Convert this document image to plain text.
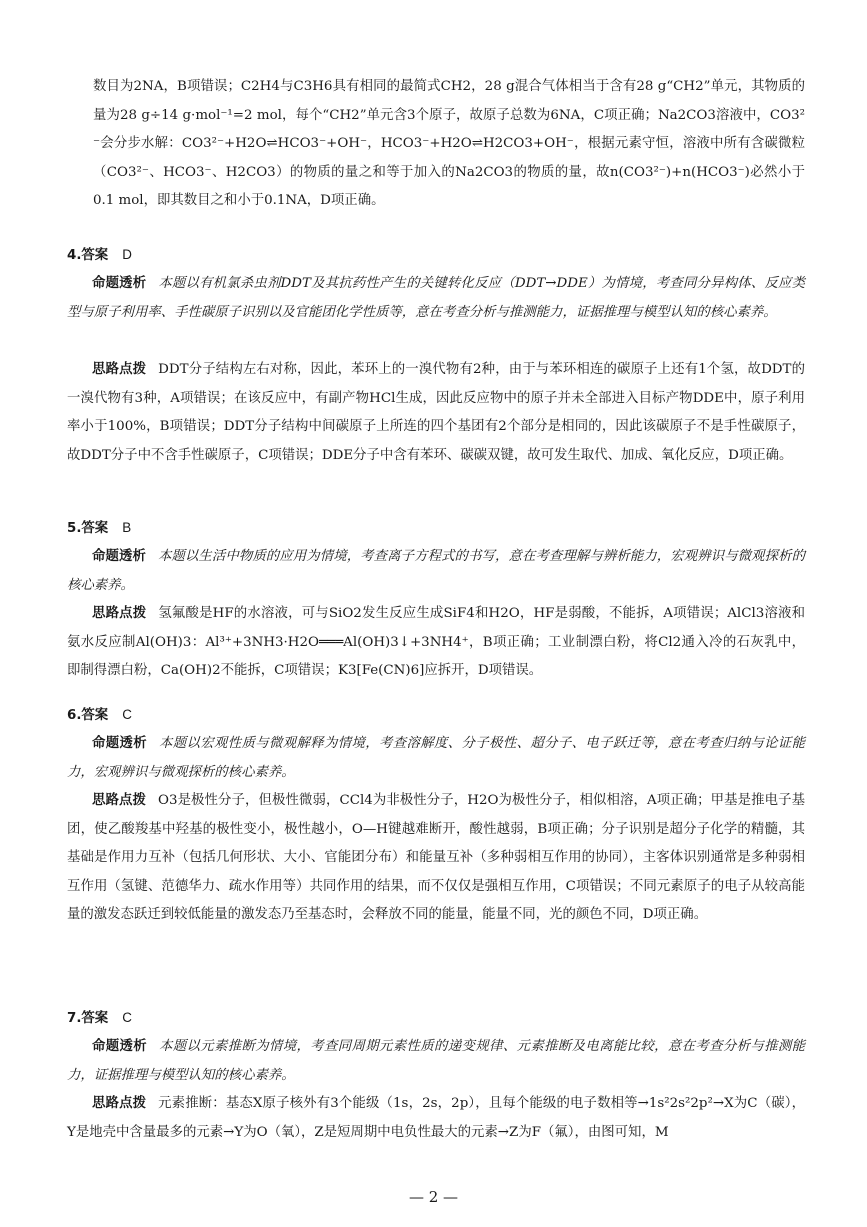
数目为2NA，B项错误；C2H4与C3H6具有相同的最简式CH2，28 g混合气体相当于含有28 g“CH2”单元，其物质的量为28 g÷14 g·mol⁻¹=2 mol，每个“CH2”单元含3个原子，故原子总数为6NA，C项正确；Na2CO3溶液中，CO3²⁻会分步水解：CO3²⁻+H2O⇌HCO3⁻+OH⁻，HCO3⁻+H2O⇌H2CO3+OH⁻，根据元素守恒，溶液中所有含碳微粒（CO3²⁻、HCO3⁻、H2CO3）的物质的量之和等于加入的Na2CO3的物质的量，故n(CO3²⁻)+n(HCO3⁻)必然小于0.1 mol，即其数目之和小于0.1NA，D项正确。
4.答案 D
命题透析 本题以有机氯杀虫剂DDT及其抗药性产生的关键转化反应（DDT→DDE）为情境，考查同分异构体、反应类型与原子利用率、手性碳原子识别以及官能团化学性质等，意在考查分析与推测能力，证据推理与模型认知的核心素养。
思路点拨 DDT分子结构左右对称，因此，苯环上的一溴代物有2种，由于与苯环相连的碳原子上还有1个氢，故DDT的一溴代物有3种，A项错误；在该反应中，有副产物HCl生成，因此反应物中的原子并未全部进入目标产物DDE中，原子利用率小于100%，B项错误；DDT分子结构中间碳原子上所连的四个基团有2个部分是相同的，因此该碳原子不是手性碳原子，故DDT分子中不含手性碳原子，C项错误；DDE分子中含有苯环、碳碳双键，故可发生取代、加成、氧化反应，D项正确。
5.答案 B
命题透析 本题以生活中物质的应用为情境，考查离子方程式的书写，意在考查理解与辨析能力，宏观辨识与微观探析的核心素养。
思路点拨 氢氟酸是HF的水溶液，可与SiO2发生反应生成SiF4和H2O，HF是弱酸，不能拆，A项错误；AlCl3溶液和氨水反应制Al(OH)3：Al³⁺+3NH3·H2O═══Al(OH)3↓+3NH4⁺，B项正确；工业制漂白粉，将Cl2通入冷的石灰乳中，即制得漂白粉，Ca(OH)2不能拆，C项错误；K3[Fe(CN)6]应拆开，D项错误。
6.答案 C
命题透析 本题以宏观性质与微观解释为情境，考查溶解度、分子极性、超分子、电子跃迁等，意在考查归纳与论证能力，宏观辨识与微观探析的核心素养。
思路点拨 O3是极性分子，但极性微弱，CCl4为非极性分子，H2O为极性分子，相似相溶，A项正确；甲基是推电子基团，使乙酸羧基中羟基的极性变小，极性越小，O—H键越难断开，酸性越弱，B项正确；分子识别是超分子化学的精髓，其基础是作用力互补（包括几何形状、大小、官能团分布）和能量互补（多种弱相互作用的协同），主客体识别通常是多种弱相互作用（氢键、范德华力、疏水作用等）共同作用的结果，而不仅仅是强相互作用，C项错误；不同元素原子的电子从较高能量的激发态跃迁到较低能量的激发态乃至基态时，会释放不同的能量，能量不同，光的颜色不同，D项正确。
7.答案 C
命题透析 本题以元素推断为情境，考查同周期元素性质的递变规律、元素推断及电离能比较，意在考查分析与推测能力，证据推理与模型认知的核心素养。
思路点拨 元素推断：基态X原子核外有3个能级（1s，2s，2p），且每个能级的电子数相等→1s²2s²2p²→X为C（碳），Y是地壳中含量最多的元素→Y为O（氧），Z是短周期中电负性最大的元素→Z为F（氟），由图可知，M
— 2 —
